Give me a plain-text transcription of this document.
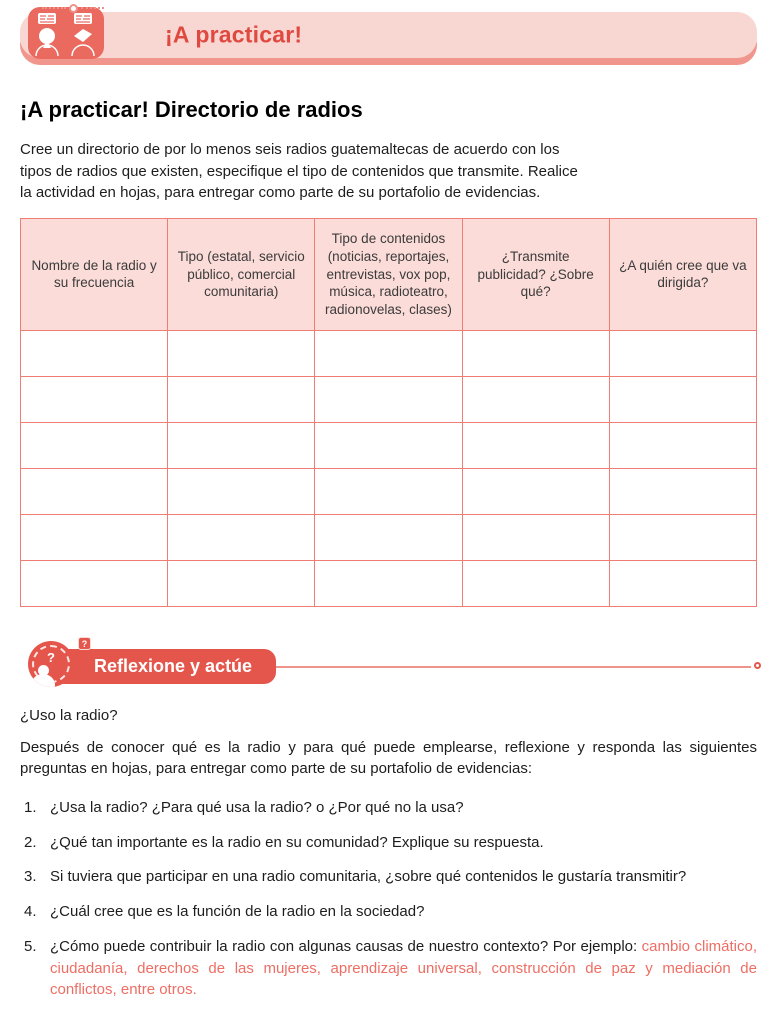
¡A practicar!
¡A practicar! Directorio de radios

Cree un directorio de por lo menos seis radios guatemaltecas de acuerdo con los tipos de radios que existen, especifique el tipo de contenidos que transmite. Realice la actividad en hojas, para entregar como parte de su portafolio de evidencias.

Nombre de la radio y su frecuencia	Tipo (estatal, servicio público, comercial comunitaria)	Tipo de contenidos (noticias, reportajes, entrevistas, vox pop, música, radioteatro, radionovelas, clases)	¿Transmite publicidad? ¿Sobre qué?	¿A quién cree que va dirigida?

Reflexione y actúe
?
?

¿Uso la radio?

Después de conocer qué es la radio y para qué puede emplearse, reflexione y responda las siguientes preguntas en hojas, para entregar como parte de su portafolio de evidencias:

1. ¿Usa la radio? ¿Para qué usa la radio? o ¿Por qué no la usa?
2. ¿Qué tan importante es la radio en su comunidad? Explique su respuesta.
3. Si tuviera que participar en una radio comunitaria, ¿sobre qué contenidos le gustaría transmitir?
4. ¿Cuál cree que es la función de la radio en la sociedad?
5. ¿Cómo puede contribuir la radio con algunas causas de nuestro contexto? Por ejemplo: cambio climático, ciudadanía, derechos de las mujeres, aprendizaje universal, construcción de paz y mediación de conflictos, entre otros.
